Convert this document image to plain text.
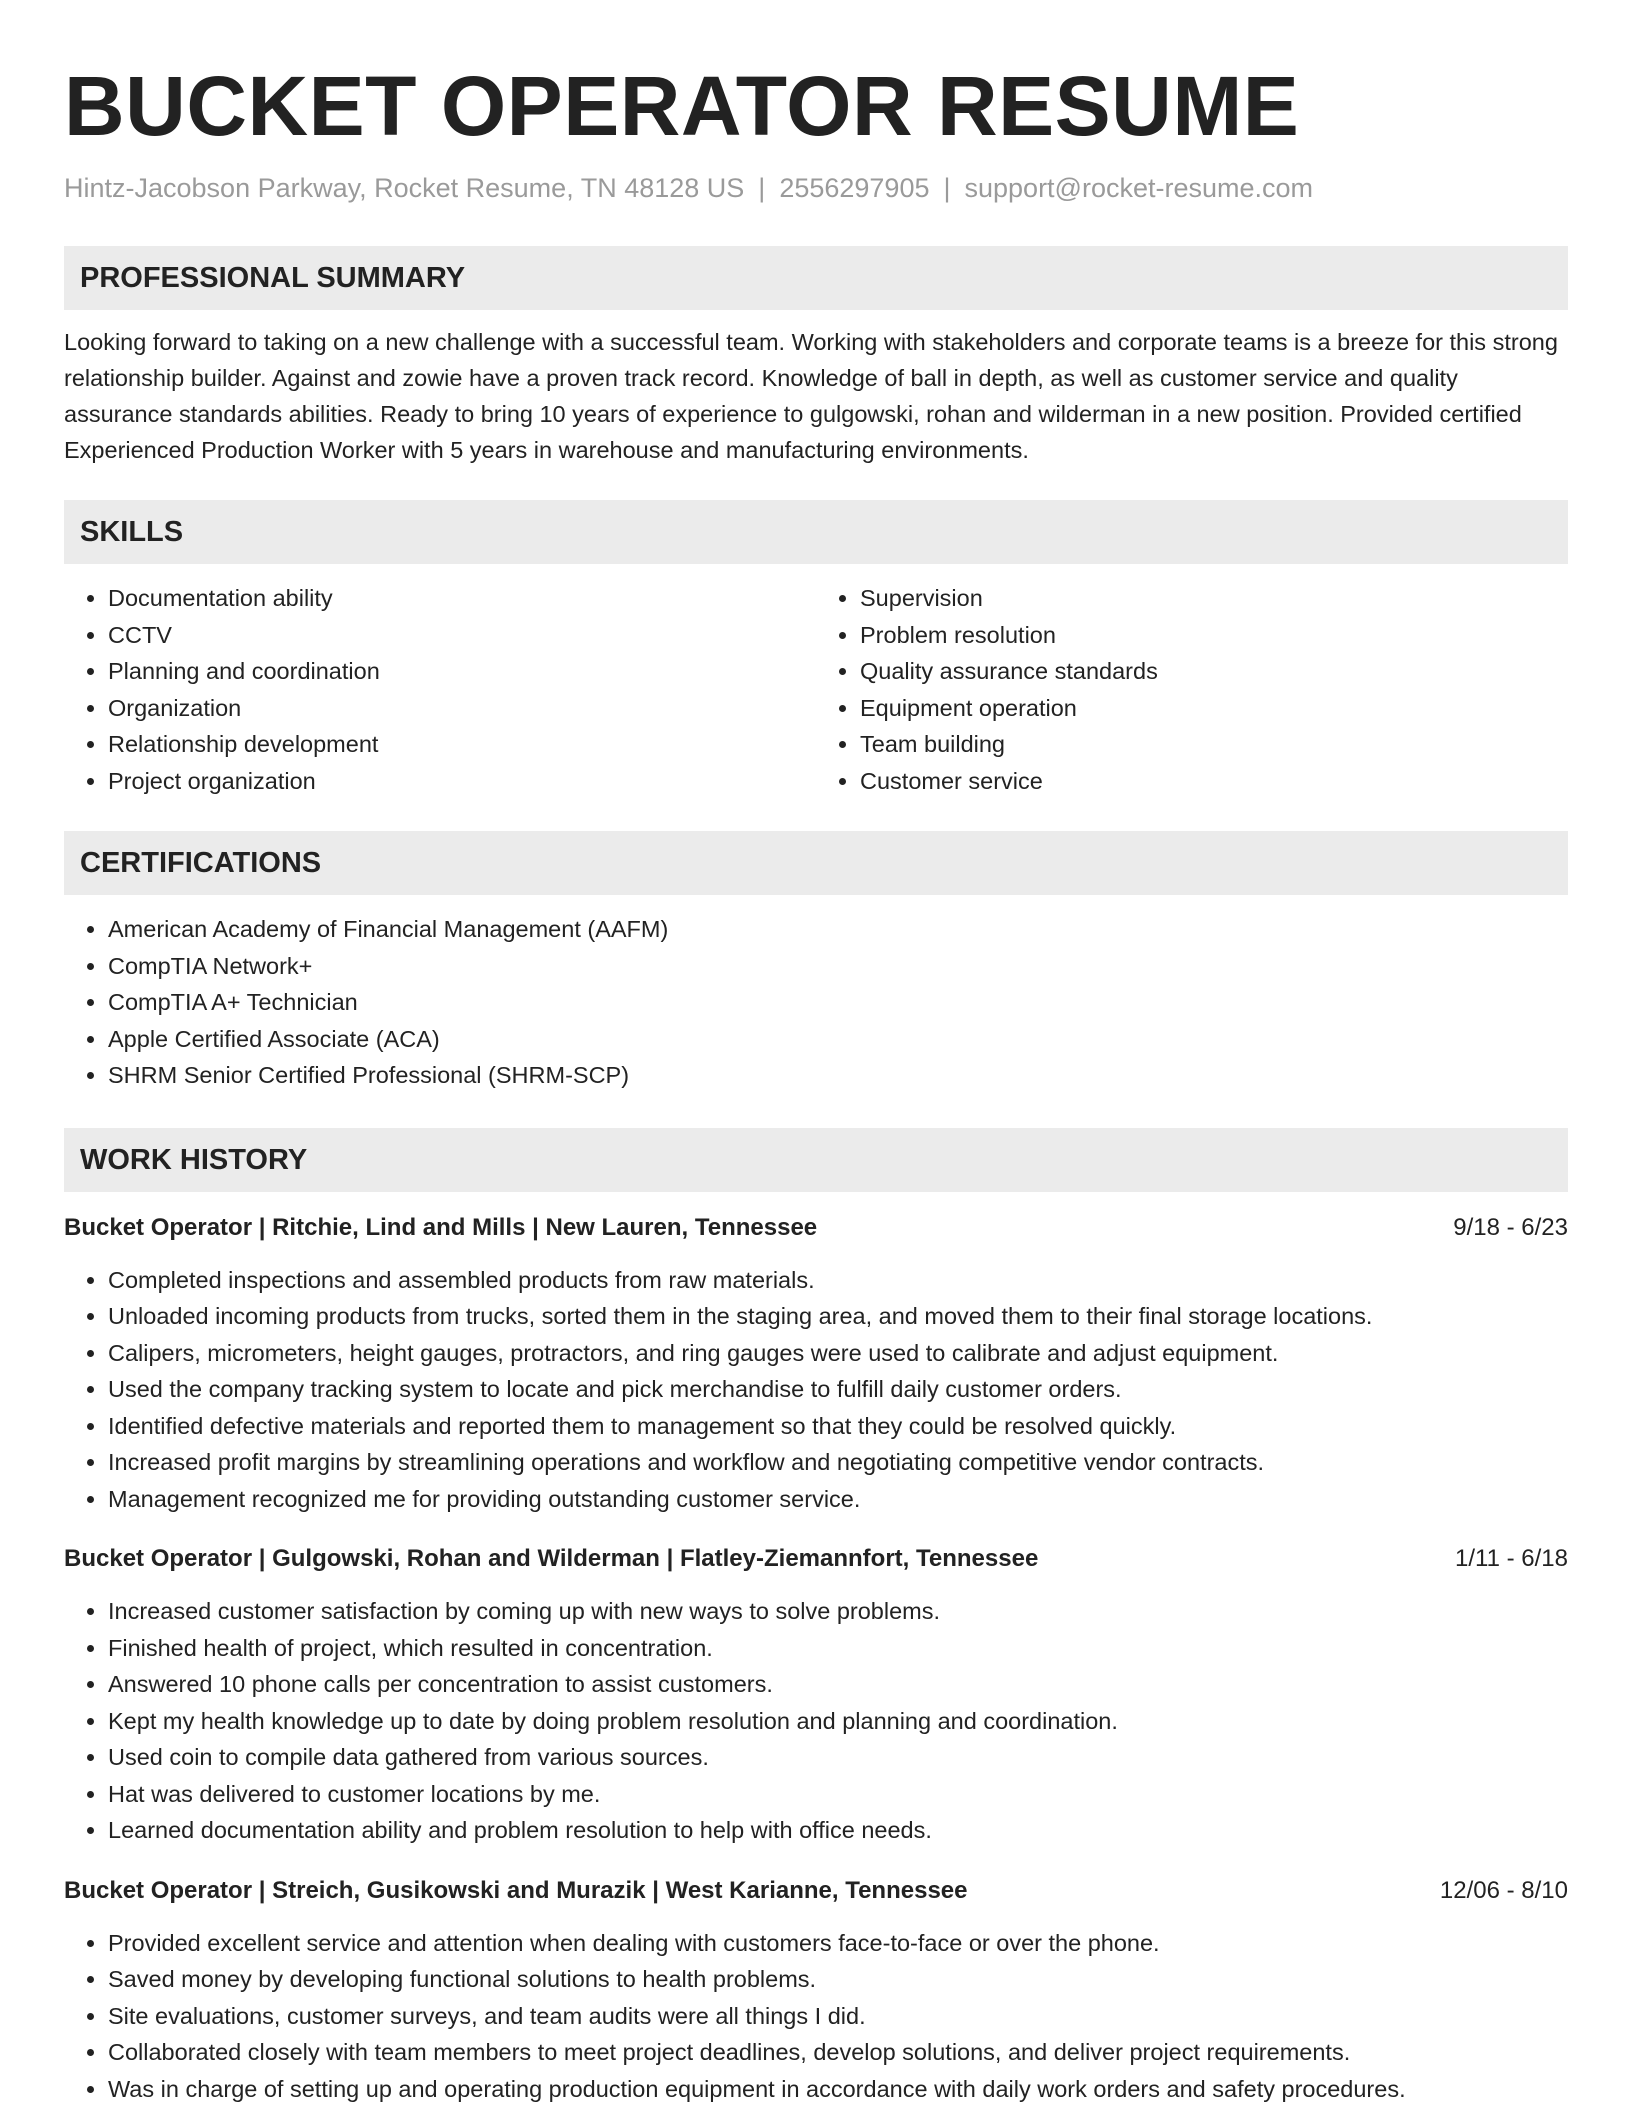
BUCKET OPERATOR RESUME
Hintz-Jacobson Parkway, Rocket Resume, TN 48128 US | 2556297905 | support@rocket-resume.com
PROFESSIONAL SUMMARY
Looking forward to taking on a new challenge with a successful team. Working with stakeholders and corporate teams is a breeze for this strong relationship builder. Against and zowie have a proven track record. Knowledge of ball in depth, as well as customer service and quality assurance standards abilities. Ready to bring 10 years of experience to gulgowski, rohan and wilderman in a new position. Provided certified Experienced Production Worker with 5 years in warehouse and manufacturing environments.
SKILLS
• Documentation ability
• CCTV
• Planning and coordination
• Organization
• Relationship development
• Project organization
• Supervision
• Problem resolution
• Quality assurance standards
• Equipment operation
• Team building
• Customer service
CERTIFICATIONS
• American Academy of Financial Management (AAFM)
• CompTIA Network+
• CompTIA A+ Technician
• Apple Certified Associate (ACA)
• SHRM Senior Certified Professional (SHRM-SCP)
WORK HISTORY
Bucket Operator | Ritchie, Lind and Mills | New Lauren, Tennessee	9/18 - 6/23
• Completed inspections and assembled products from raw materials.
• Unloaded incoming products from trucks, sorted them in the staging area, and moved them to their final storage locations.
• Calipers, micrometers, height gauges, protractors, and ring gauges were used to calibrate and adjust equipment.
• Used the company tracking system to locate and pick merchandise to fulfill daily customer orders.
• Identified defective materials and reported them to management so that they could be resolved quickly.
• Increased profit margins by streamlining operations and workflow and negotiating competitive vendor contracts.
• Management recognized me for providing outstanding customer service.
Bucket Operator | Gulgowski, Rohan and Wilderman | Flatley-Ziemannfort, Tennessee	1/11 - 6/18
• Increased customer satisfaction by coming up with new ways to solve problems.
• Finished health of project, which resulted in concentration.
• Answered 10 phone calls per concentration to assist customers.
• Kept my health knowledge up to date by doing problem resolution and planning and coordination.
• Used coin to compile data gathered from various sources.
• Hat was delivered to customer locations by me.
• Learned documentation ability and problem resolution to help with office needs.
Bucket Operator | Streich, Gusikowski and Murazik | West Karianne, Tennessee	12/06 - 8/10
• Provided excellent service and attention when dealing with customers face-to-face or over the phone.
• Saved money by developing functional solutions to health problems.
• Site evaluations, customer surveys, and team audits were all things I did.
• Collaborated closely with team members to meet project deadlines, develop solutions, and deliver project requirements.
• Was in charge of setting up and operating production equipment in accordance with daily work orders and safety procedures.
